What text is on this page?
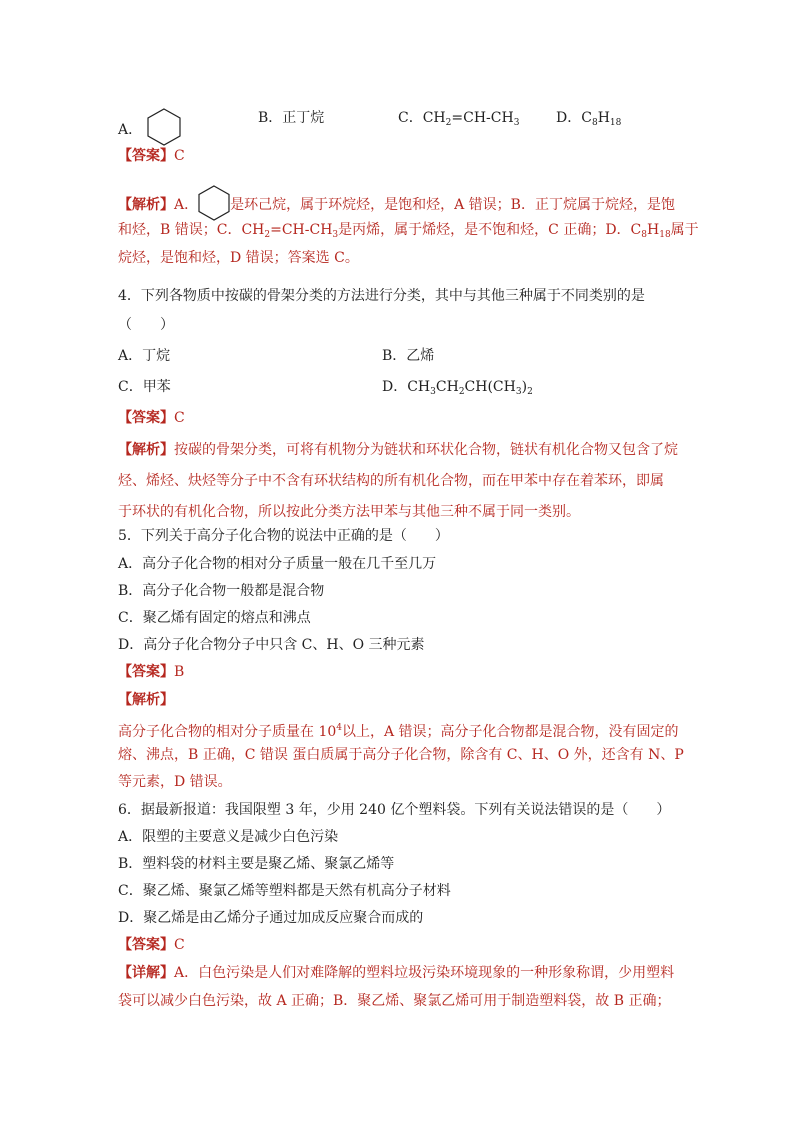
A．
B．正丁烷	C．$CH_2=CH-CH_3$	D．$C_8H_{18}$
【答案】C
【解析】A． 是环己烷，属于环烷烃，是饱和烃，A 错误；B．正丁烷属于烷烃，是饱
和烃，B 错误；C．$CH_2=CH-CH_3$是丙烯，属于烯烃，是不饱和烃，C 正确；D．$C_8H_{18}$属于
烷烃，是饱和烃，D 错误；答案选 C。
4．下列各物质中按碳的骨架分类的方法进行分类，其中与其他三种属于不同类别的是
（　　）
A．丁烷	B．乙烯
C．甲苯	D．$CH_3CH_2CH(CH_3)_2$
【答案】C
【解析】按碳的骨架分类，可将有机物分为链状和环状化合物，链状有机化合物又包含了烷
烃、烯烃、炔烃等分子中不含有环状结构的所有机化合物，而在甲苯中存在着苯环，即属
于环状的有机化合物，所以按此分类方法甲苯与其他三种不属于同一类别。
5．下列关于高分子化合物的说法中正确的是（　　）
A．高分子化合物的相对分子质量一般在几千至几万
B．高分子化合物一般都是混合物
C．聚乙烯有固定的熔点和沸点
D．高分子化合物分子中只含 C、H、O 三种元素
【答案】B
【解析】
高分子化合物的相对分子质量在 $10^4$以上，A 错误；高分子化合物都是混合物，没有固定的
熔、沸点，B 正确，C 错误 蛋白质属于高分子化合物，除含有 C、H、O 外，还含有 N、P
等元素，D 错误。
6．据最新报道：我国限塑 3 年，少用 240 亿个塑料袋。下列有关说法错误的是（　　）
A．限塑的主要意义是减少白色污染
B．塑料袋的材料主要是聚乙烯、聚氯乙烯等
C．聚乙烯、聚氯乙烯等塑料都是天然有机高分子材料
D．聚乙烯是由乙烯分子通过加成反应聚合而成的
【答案】C
【详解】A．白色污染是人们对难降解的塑料垃圾污染环境现象的一种形象称谓，少用塑料
袋可以减少白色污染，故 A 正确；B．聚乙烯、聚氯乙烯可用于制造塑料袋，故 B 正确；
